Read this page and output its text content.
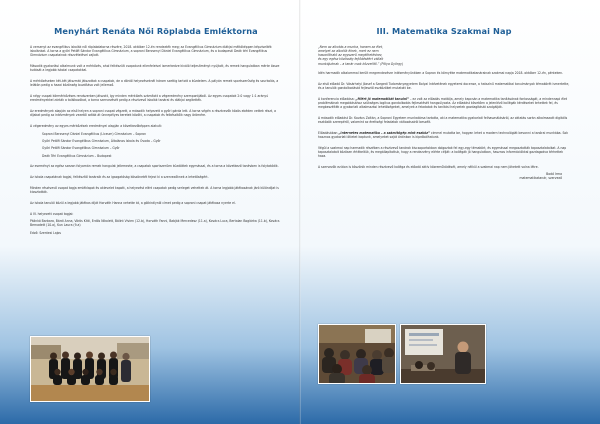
Menyhárt Renáta Női Röplabda Emléktorna

A versenyt az evangélikus iskolák női röplabdatorna részére, 2018. október 12-én rendezték meg; az Evangélikus Gimnázium diákjai méltóképpen képviselték iskolánkat. A torna a győri Petőfi Sándor Evangélikus Gimnázium, a soproni Berzsenyi Dániel Evangélikus Gimnázium, és a budapesti Deák téri Evangélikus Gimnázium csapatainak részvételével zajlott.

Második gyakorlási alkalmunk volt a mérkőzés, ahol felkészült csapatunk ellenfeleivel ismerkedve kiváló teljesítményt nyújtott, és remek hangulatban mérte össze tudását a legjobb iskolai csapatokkal.

A mérkőzéseken két-két játszmát játszottak a csapatok, de a döntő helyezéseknél három szettig tartott a küzdelem. A pályán remek sportszerűség és szurkolás, a lelátón pedig a hazai közönség buzdítása volt jellemző.

A négy csapat körmérkőzéses rendszerben játszott, így minden mérkőzés számított a végeredmény szempontjából. Az egyes csapatok 2:0 vagy 1:1 arányú eredményekkel zárták a találkozókat, a torna szervezését pedig a résztvevő iskolák tanárai és diákjai segítették.

Az eredmények alapján az első helyen a soproni csapat végzett, a második helyezett a győri gárda lett. A torna végén a résztvevők közös ebéden vettek részt, a díjakat pedig az intézmények vezetői adták át ünnepélyes keretek között, a csapatok és felkészítőik nagy örömére.

A végeredmény az egyes mérkőzések eredményei alapján a következőképpen alakult:

Soproni Berzsenyi Dániel Evangélikus (Líceum) Gimnázium – Sopron

Győri Petőfi Sándor Evangélikus Gimnázium, Általános Iskola és Óvoda – Győr

Győri Petőfi Sándor Evangélikus Gimnázium – Győr

Deák Téri Evangélikus Gimnázium – Budapest

Az eseményt az egész szezon folyamán remek hangulat jellemezte, a csapatok sportszerűen küzdöttek egymással, és a torna a következő tanévben is folytatódik.

Az iskola csapatának tagjai, felkészítő tanáraik és az igazgatóság köszönetét fejezi ki a szervezőknek a lehetőségért.

Minden résztvevő csapat tagja emléklapot és oklevelet kapott, a helyezést elért csapatok pedig serleget vehettek át. A torna legjobb játékosának járó különdíjat is kiosztották.

Az iskola tanulói közül a legjobb játékos díját Horváth Hanna vehette át, a gólkirálynői címet pedig a soproni csapat játékosa nyerte el.

A IV. helyezett csapat tagjai:

Pálinkó Barbara, Bárdi Anna, Vörös Kitti, Erdős Nikolett, Bálint Vivien (12.b), Horváth Fanni, Babják Mercedesz (11.a), Kovács Luca, Bertalan Boglárka (11.b), Kovács Bernadett (10.a), Kun Laura (9.a)

Edző: Szentesi Lajos

III. Matematika Szakmai Nap
„Nem az alkotás a munka, hanem az élet,
amelyet az alkotók élnek, mert ez nem
hasonlítható az egyszerű megélhetéshez,
és egy egész közösség fejlődéséért vállalt
munkájuknak – a tanár csak közvetítő.” (Pólya György)

Idén harmadik alkalommal került megrendezésre intézményünkben a Sopron és környéke matematikatanárainak szakmai napja 2018. október 12-én, pénteken.

Az első előadó Dr. Vásárhelyi József a Szegedi Tudományegyetem Bolyai Intézetének egyetemi docense, a hatszínű matematikai tanulmányok témakörét ismertette, és a tanulók gondolkodását fejlesztő eszközöket mutatott be.

A konferencia előadása: „Miért jó matematikát tanulni” – ez volt az előadás mottója, amely kapcsán a matematika tanításának fontosságát, a mindennapi élet problémáinak megoldásához szükséges logikus gondolkodás fejlesztését hangsúlyozta. Az előadást követően a jelenlévő kollégák kérdéseket tehettek fel, és megbeszélték a gyakorlati alkalmazási lehetőségeket, amelyek a feladatok és tanítási helyzetek gazdagítását szolgálják.

A második előadást Dr. Kovács Zoltán, a Soproni Egyetem munkatársa tartotta, aki a matematika gyakorlati felhasználásáról, az oktatás során alkalmazott digitális eszközök szerepéről, valamint az érettségi feladatok változásairól beszélt.

Előadásában „Internetes matematika – a számítógép mint eszköz” címmel mutatta be, hogyan lehet a modern technológiát bevonni a tanórai munkába. Sok hasznos gyakorlati ötletet kaptunk, amelyeket saját óráinkon is kipróbálhatunk.

Végül a szakmai nap harmadik részében a résztvevő tanárok kiscsoportokban dolgoztak fel egy-egy témakört, és egymással megosztották tapasztalataikat. A nap tapasztalatait közösen értékeltük, és megállapítottuk, hogy a rendezvény elérte célját: a kollégák jó hangulatban, hasznos információkkal gazdagodva térhettek haza.

A szervezők ezúton is köszönik minden résztvevő kolléga és előadó aktív közreműködését, amely nélkül a szakmai nap nem jöhetett volna létre.

Bodó Irma
matematikatanár, szervező
